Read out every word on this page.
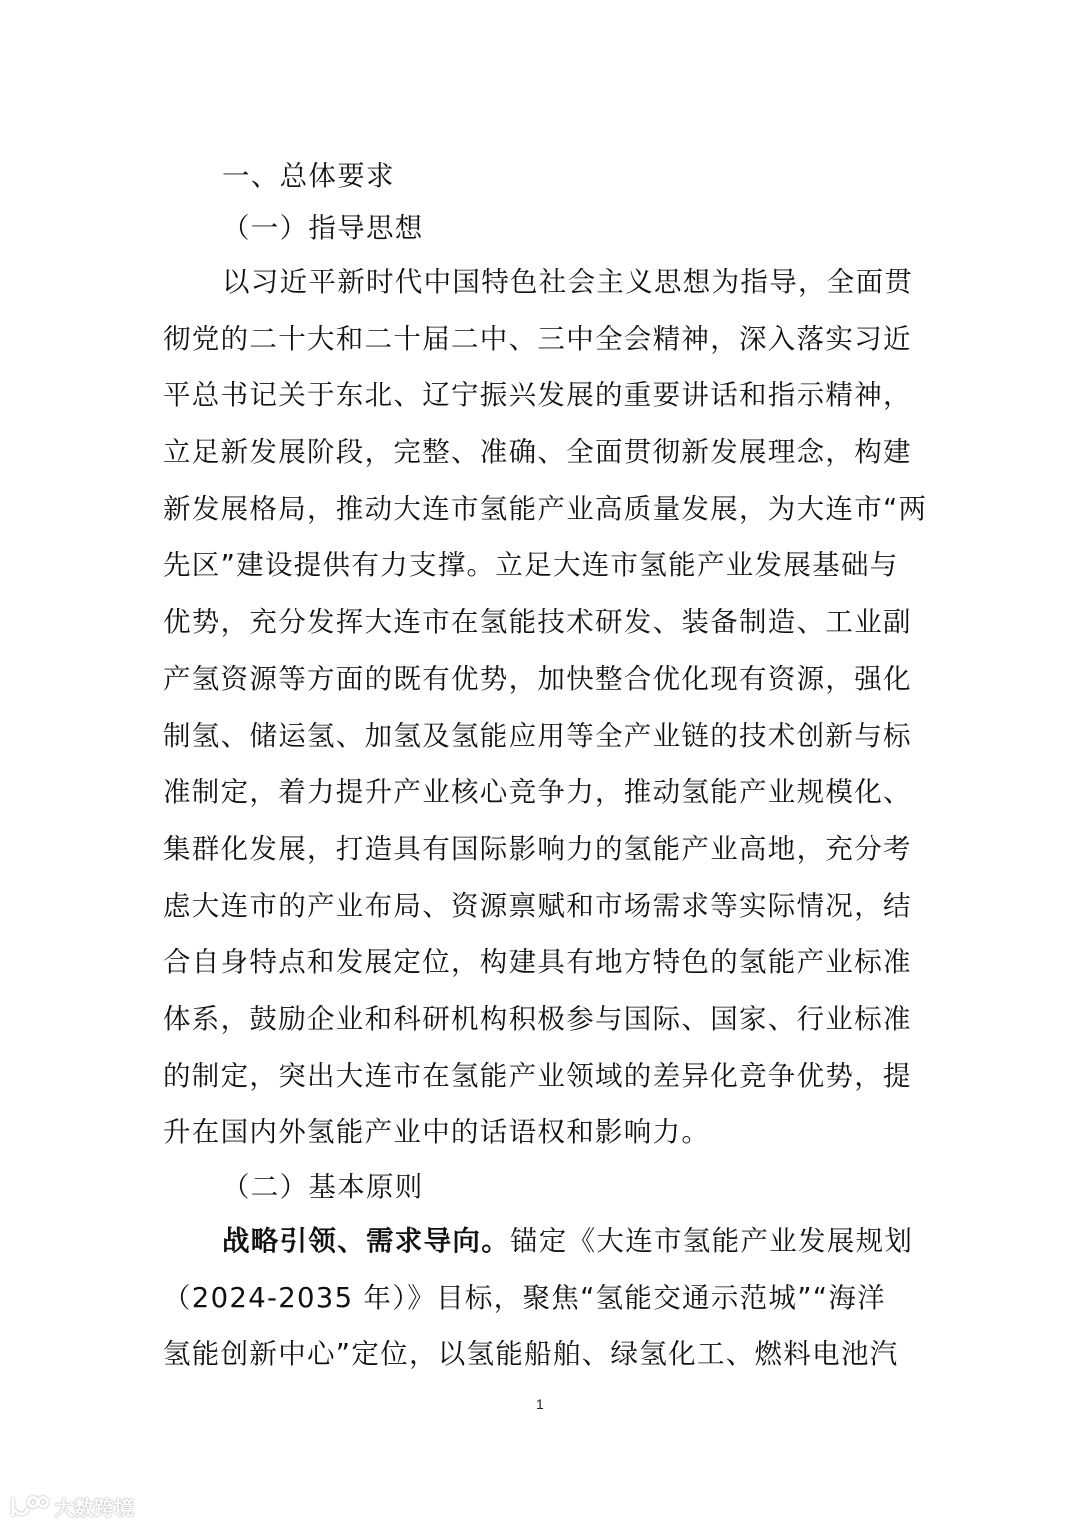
一、总体要求
（一）指导思想
以习近平新时代中国特色社会主义思想为指导，全面贯
彻党的二十大和二十届二中、三中全会精神，深入落实习近
平总书记关于东北、辽宁振兴发展的重要讲话和指示精神，
立足新发展阶段，完整、准确、全面贯彻新发展理念，构建
新发展格局，推动大连市氢能产业高质量发展，为大连市“两
先区”建设提供有力支撑。立足大连市氢能产业发展基础与
优势，充分发挥大连市在氢能技术研发、装备制造、工业副
产氢资源等方面的既有优势，加快整合优化现有资源，强化
制氢、储运氢、加氢及氢能应用等全产业链的技术创新与标
准制定，着力提升产业核心竞争力，推动氢能产业规模化、
集群化发展，打造具有国际影响力的氢能产业高地，充分考
虑大连市的产业布局、资源禀赋和市场需求等实际情况，结
合自身特点和发展定位，构建具有地方特色的氢能产业标准
体系，鼓励企业和科研机构积极参与国际、国家、行业标准
的制定，突出大连市在氢能产业领域的差异化竞争优势，提
升在国内外氢能产业中的话语权和影响力。
（二）基本原则
战略引领、需求导向。锚定《大连市氢能产业发展规划
（2024-2035 年）》目标，聚焦“氢能交通示范城”“海洋
氢能创新中心”定位，以氢能船舶、绿氢化工、燃料电池汽
1
大数跨境
